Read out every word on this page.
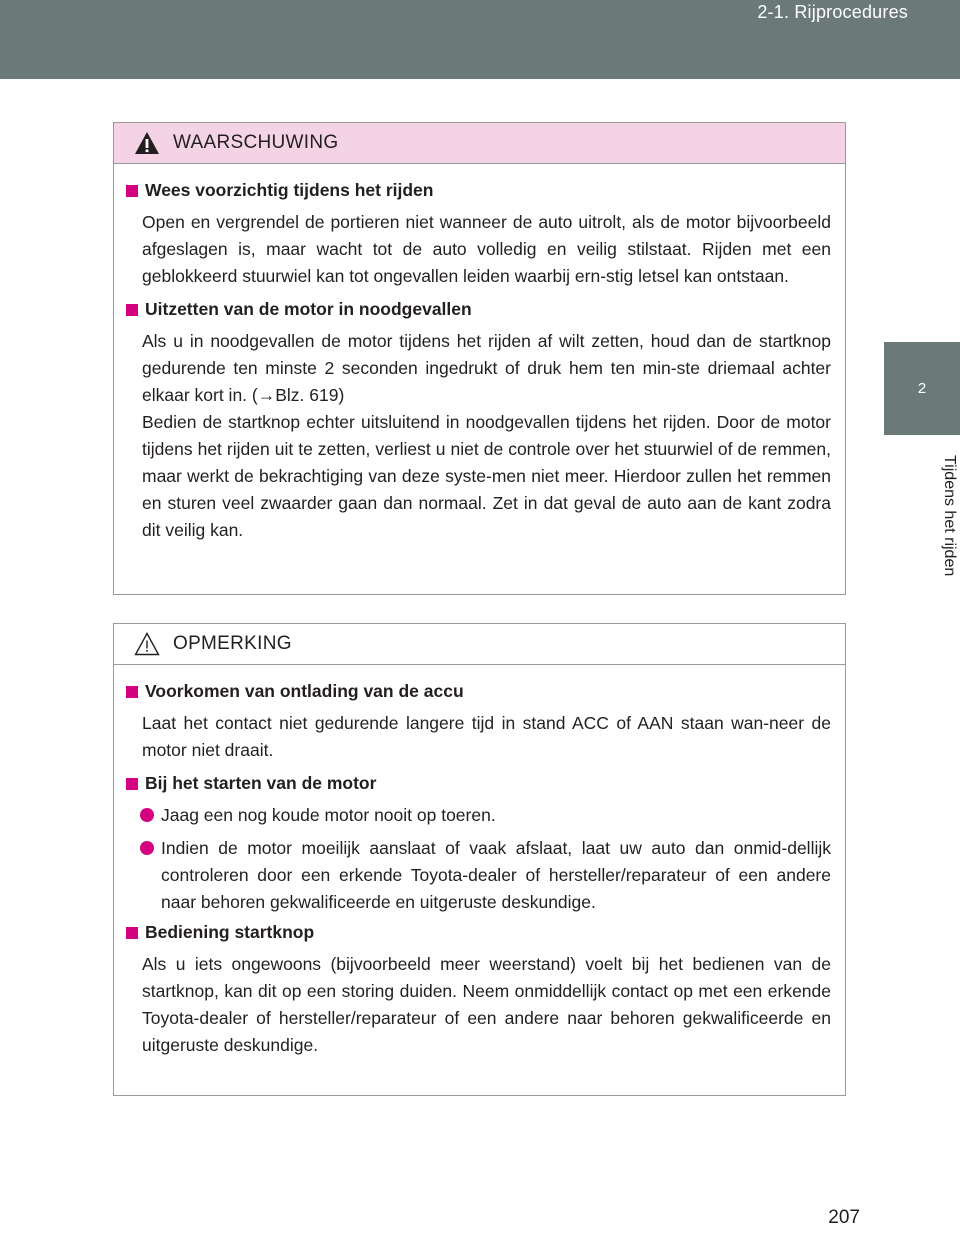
2-1. Rijprocedures
2
Tijdens het rijden
WAARSCHUWING
Wees voorzichtig tijdens het rijden
Open en vergrendel de portieren niet wanneer de auto uitrolt, als de motor bijvoorbeeld afgeslagen is, maar wacht tot de auto volledig en veilig stilstaat. Rijden met een geblokkeerd stuurwiel kan tot ongevallen leiden waarbij ern-stig letsel kan ontstaan.
Uitzetten van de motor in noodgevallen
Als u in noodgevallen de motor tijdens het rijden af wilt zetten, houd dan de startknop gedurende ten minste 2 seconden ingedrukt of druk hem ten min-ste driemaal achter elkaar kort in. (→Blz. 619)
Bedien de startknop echter uitsluitend in noodgevallen tijdens het rijden. Door de motor tijdens het rijden uit te zetten, verliest u niet de controle over het stuurwiel of de remmen, maar werkt de bekrachtiging van deze syste-men niet meer. Hierdoor zullen het remmen en sturen veel zwaarder gaan dan normaal. Zet in dat geval de auto aan de kant zodra dit veilig kan.
OPMERKING
Voorkomen van ontlading van de accu
Laat het contact niet gedurende langere tijd in stand ACC of AAN staan wan-neer de motor niet draait.
Bij het starten van de motor
Jaag een nog koude motor nooit op toeren.
Indien de motor moeilijk aanslaat of vaak afslaat, laat uw auto dan onmid-dellijk controleren door een erkende Toyota-dealer of hersteller/reparateur of een andere naar behoren gekwalificeerde en uitgeruste deskundige.
Bediening startknop
Als u iets ongewoons (bijvoorbeeld meer weerstand) voelt bij het bedienen van de startknop, kan dit op een storing duiden. Neem onmiddellijk contact op met een erkende Toyota-dealer of hersteller/reparateur of een andere naar behoren gekwalificeerde en uitgeruste deskundige.
207
